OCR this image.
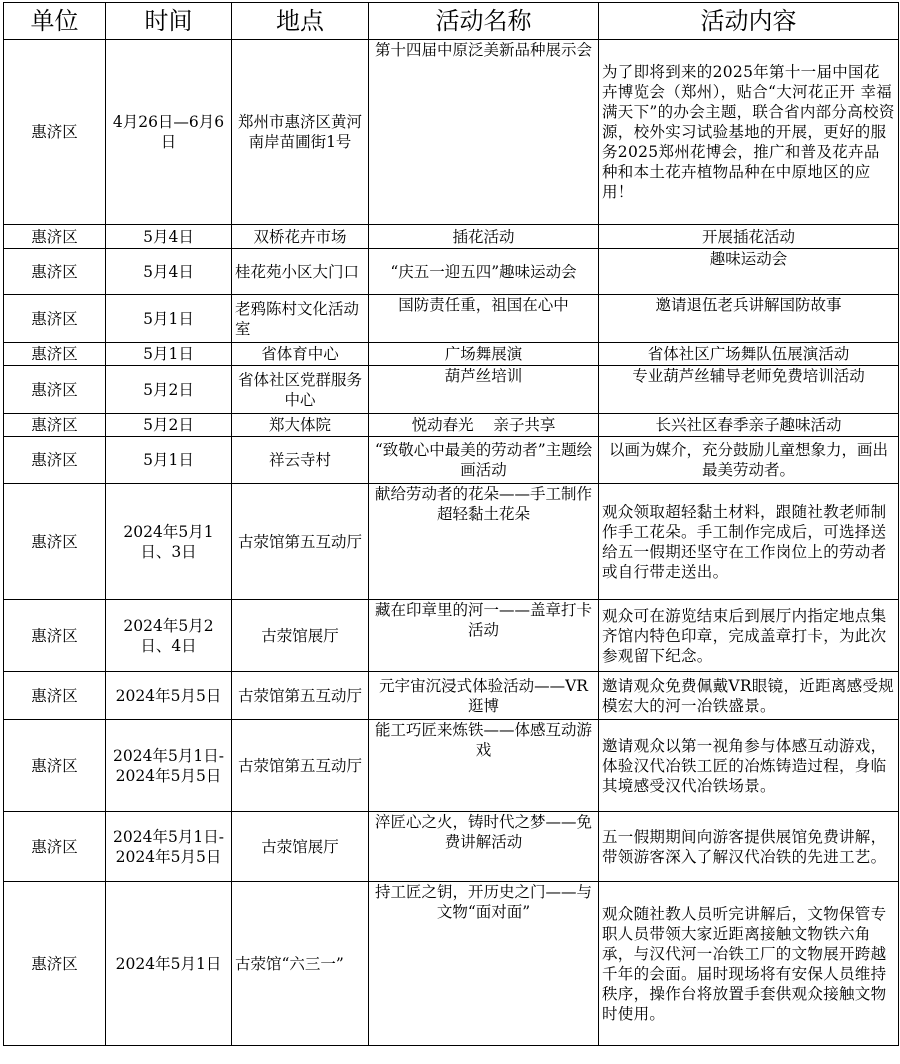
单位	时间	地点	活动名称	活动内容
惠济区	4月26日—6月6日	郑州市惠济区黄河南岸苗圃街1号	第十四届中原泛美新品种展示会	为了即将到来的2025年第十一届中国花卉博览会（郑州），贴合“大河花正开 幸福满天下”的办会主题，联合省内部分高校资源，校外实习试验基地的开展，更好的服务2025郑州花博会，推广和普及花卉品种和本土花卉植物品种在中原地区的应用！
惠济区	5月4日	双桥花卉市场	插花活动	开展插花活动
惠济区	5月4日	桂花苑小区大门口	“庆五一迎五四”趣味运动会	趣味运动会
惠济区	5月1日	老鸦陈村文化活动室	国防责任重，祖国在心中	邀请退伍老兵讲解国防故事
惠济区	5月1日	省体育中心	广场舞展演	省体社区广场舞队伍展演活动
惠济区	5月2日	省体社区党群服务中心	葫芦丝培训	专业葫芦丝辅导老师免费培训活动
惠济区	5月2日	郑大体院	悦动春光    亲子共享	长兴社区春季亲子趣味活动
惠济区	5月1日	祥云寺村	“致敬心中最美的劳动者”主题绘画活动	以画为媒介，充分鼓励儿童想象力，画出最美劳动者。
惠济区	2024年5月1日、3日	古荥馆第五互动厅	献给劳动者的花朵——手工制作超轻黏土花朵	观众领取超轻黏土材料，跟随社教老师制作手工花朵。手工制作完成后，可选择送给五一假期还坚守在工作岗位上的劳动者或自行带走送出。
惠济区	2024年5月2日、4日	古荥馆展厅	藏在印章里的河一——盖章打卡活动	观众可在游览结束后到展厅内指定地点集齐馆内特色印章，完成盖章打卡，为此次参观留下纪念。
惠济区	2024年5月5日	古荥馆第五互动厅	元宇宙沉浸式体验活动——VR逛博	邀请观众免费佩戴VR眼镜，近距离感受规模宏大的河一冶铁盛景。
惠济区	2024年5月1日-2024年5月5日	古荥馆第五互动厅	能工巧匠来炼铁——体感互动游戏	邀请观众以第一视角参与体感互动游戏，体验汉代冶铁工匠的冶炼铸造过程，身临其境感受汉代冶铁场景。
惠济区	2024年5月1日-2024年5月5日	古荥馆展厅	淬匠心之火，铸时代之梦——免费讲解活动	五一假期期间向游客提供展馆免费讲解，带领游客深入了解汉代冶铁的先进工艺。
惠济区	2024年5月1日	古荥馆“六三一”	持工匠之钥，开历史之门——与文物“面对面”	观众随社教人员听完讲解后，文物保管专职人员带领大家近距离接触文物铁六角承，与汉代河一冶铁工厂的文物展开跨越千年的会面。届时现场将有安保人员维持秩序，操作台将放置手套供观众接触文物时使用。
